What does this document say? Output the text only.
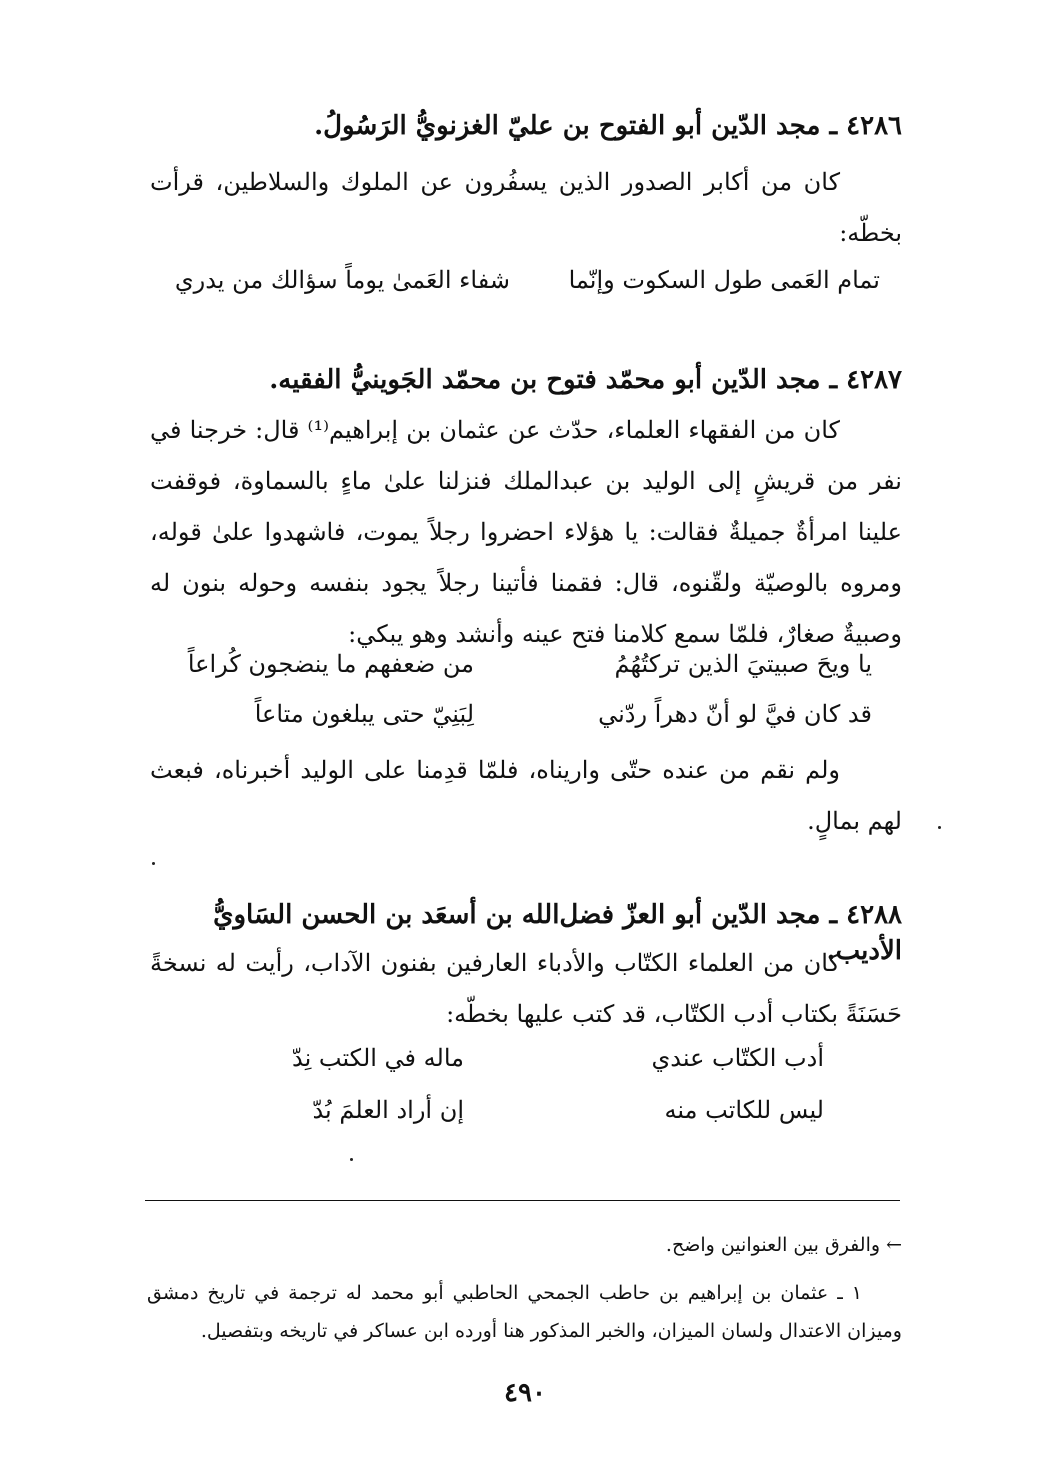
٤٢٨٦ ـ مجد الدّين أبو الفتوح بن عليّ الغزنويُّ الرَسُولُ.
كان من أكابر الصدور الذين يسفُرون عن الملوك والسلاطين، قرأت بخطّه:
تمام العَمى طول السكوت وإنّما
شفاء العَمىٰ يوماً سؤالك من يدري
٤٢٨٧ ـ مجد الدّين أبو محمّد فتوح بن محمّد الجَوينيُّ الفقيه.
كان من الفقهاء العلماء، حدّث عن عثمان بن إبراهيم⁽¹⁾ قال: خرجنا في نفر من قريشٍ إلى الوليد بن عبدالملك فنزلنا علىٰ ماءٍ بالسماوة، فوقفت علينا امرأةٌ جميلةٌ فقالت: يا هؤلاء احضروا رجلاً يموت، فاشهدوا علىٰ قوله، ومروه بالوصيّة ولقّنوه، قال: فقمنا فأتينا رجلاً يجود بنفسه وحوله بنون له وصبيةٌ صغارٌ، فلمّا سمع كلامنا فتح عينه وأنشد وهو يبكي:
يا ويحَ صبيتيَ الذين تركتُهُمُ
من ضعفهم ما ينضجون كُراعاً
قد كان فيَّ لو أنّ دهراً ردّني
لِبَنِيّ حتى يبلغون متاعاً
ولم نقم من عنده حتّى واريناه، فلمّا قدِمنا على الوليد أخبرناه، فبعث لهم بمالٍ.
٤٢٨٨ ـ مجد الدّين أبو العزّ فضل‌الله بن أسعَد بن الحسن السَاويُّ الأديب.
كان من العلماء الكتّاب والأدباء العارفين بفنون الآداب، رأيت له نسخةً حَسَنَةً بكتاب أدب الكتّاب، قد كتب عليها بخطّه:
أدب الكتّاب عندي
ماله في الكتب نِدّ
ليس للكاتب منه
إن أراد العلمَ بُدّ
← والفرق بين العنوانين واضح.
١ ـ عثمان بن إبراهيم بن حاطب الجمحي الحاطبي أبو محمد له ترجمة في تاريخ دمشق وميزان الاعتدال ولسان الميزان، والخبر المذكور هنا أورده ابن عساكر في تاريخه وبتفصيل.
٤٩٠
